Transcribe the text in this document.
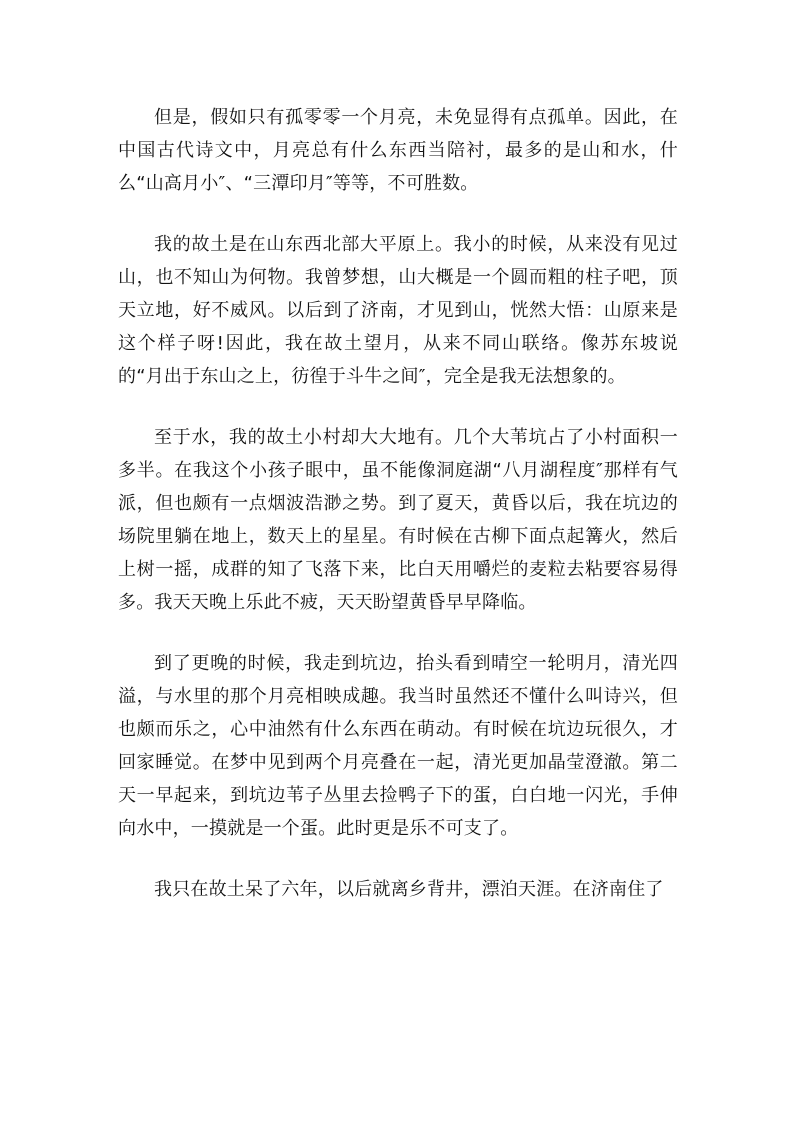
但是，假如只有孤零零一个月亮，未免显得有点孤单。因此，在中国古代诗文中，月亮总有什么东西当陪衬，最多的是山和水，什么“山高月小″、“三潭印月″等等，不可胜数。

我的故土是在山东西北部大平原上。我小的时候，从来没有见过山，也不知山为何物。我曾梦想，山大概是一个圆而粗的柱子吧，顶天立地，好不威风。以后到了济南，才见到山，恍然大悟：山原来是这个样子呀!因此，我在故土望月，从来不同山联络。像苏东坡说的“月出于东山之上，彷徨于斗牛之间″，完全是我无法想象的。

至于水，我的故土小村却大大地有。几个大苇坑占了小村面积一多半。在我这个小孩子眼中，虽不能像洞庭湖“八月湖程度″那样有气派，但也颇有一点烟波浩渺之势。到了夏天，黄昏以后，我在坑边的场院里躺在地上，数天上的星星。有时候在古柳下面点起篝火，然后上树一摇，成群的知了飞落下来，比白天用嚼烂的麦粒去粘要容易得多。我天天晚上乐此不疲，天天盼望黄昏早早降临。

到了更晚的时候，我走到坑边，抬头看到晴空一轮明月，清光四溢，与水里的那个月亮相映成趣。我当时虽然还不懂什么叫诗兴，但也颇而乐之，心中油然有什么东西在萌动。有时候在坑边玩很久，才回家睡觉。在梦中见到两个月亮叠在一起，清光更加晶莹澄澈。第二天一早起来，到坑边苇子丛里去捡鸭子下的蛋，白白地一闪光，手伸向水中，一摸就是一个蛋。此时更是乐不可支了。

我只在故土呆了六年，以后就离乡背井，漂泊天涯。在济南住了
